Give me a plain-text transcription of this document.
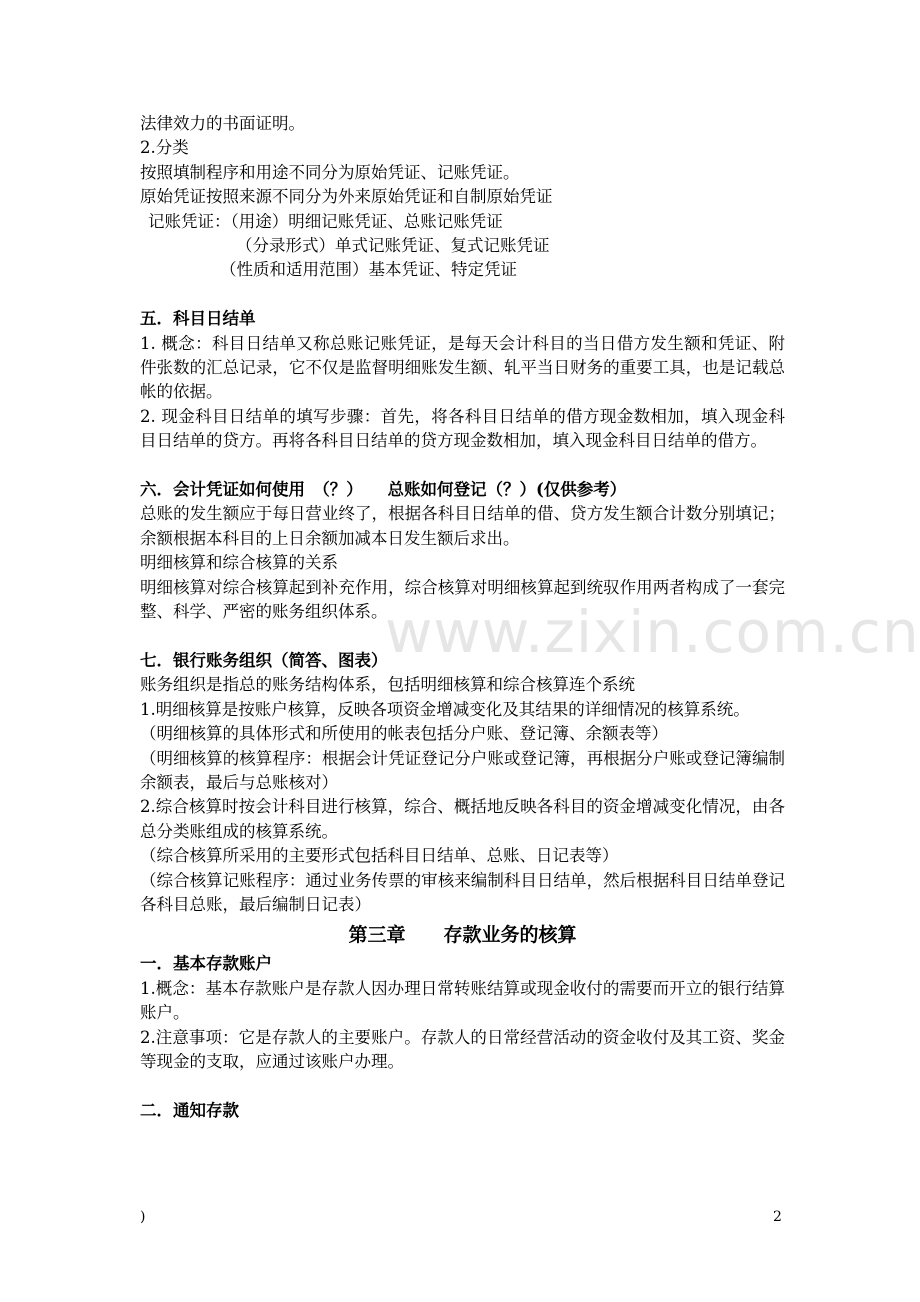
www.zixin.com.cn

法律效力的书面证明。

2.分类

按照填制程序和用途不同分为原始凭证、记账凭证。

原始凭证按照来源不同分为外来原始凭证和自制原始凭证

记账凭证：（用途）明细记账凭证、总账记账凭证

（分录形式）单式记账凭证、复式记账凭证

（性质和适用范围）基本凭证、特定凭证

五．科目日结单

1. 概念：科目日结单又称总账记账凭证，是每天会计科目的当日借方发生额和凭证、附件张数的汇总记录，它不仅是监督明细账发生额、轧平当日财务的重要工具，也是记载总帐的依据。

2. 现金科目日结单的填写步骤：首先，将各科目日结单的借方现金数相加，填入现金科目日结单的贷方。再将各科目日结单的贷方现金数相加，填入现金科目日结单的借方。

六．会计凭证如何使用　（？）　　总账如何登记（？）(仅供参考）

总账的发生额应于每日营业终了，根据各科目日结单的借、贷方发生额合计数分别填记；余额根据本科目的上日余额加减本日发生额后求出。

明细核算和综合核算的关系

明细核算对综合核算起到补充作用，综合核算对明细核算起到统驭作用两者构成了一套完整、科学、严密的账务组织体系。

七．银行账务组织（简答、图表）

账务组织是指总的账务结构体系，包括明细核算和综合核算连个系统

1.明细核算是按账户核算，反映各项资金增减变化及其结果的详细情况的核算系统。

（明细核算的具体形式和所使用的帐表包括分户账、登记簿、余额表等）

（明细核算的核算程序：根据会计凭证登记分户账或登记簿，再根据分户账或登记簿编制余额表，最后与总账核对）

2.综合核算时按会计科目进行核算，综合、概括地反映各科目的资金增减变化情况，由各总分类账组成的核算系统。

（综合核算所采用的主要形式包括科目日结单、总账、日记表等）

（综合核算记账程序：通过业务传票的审核来编制科目日结单，然后根据科目日结单登记各科目总账，最后编制日记表）

第三章　　存款业务的核算

一．基本存款账户

1.概念：基本存款账户是存款人因办理日常转账结算或现金收付的需要而开立的银行结算账户。

2.注意事项：它是存款人的主要账户。存款人的日常经营活动的资金收付及其工资、奖金等现金的支取，应通过该账户办理。

二．通知存款

)	2
